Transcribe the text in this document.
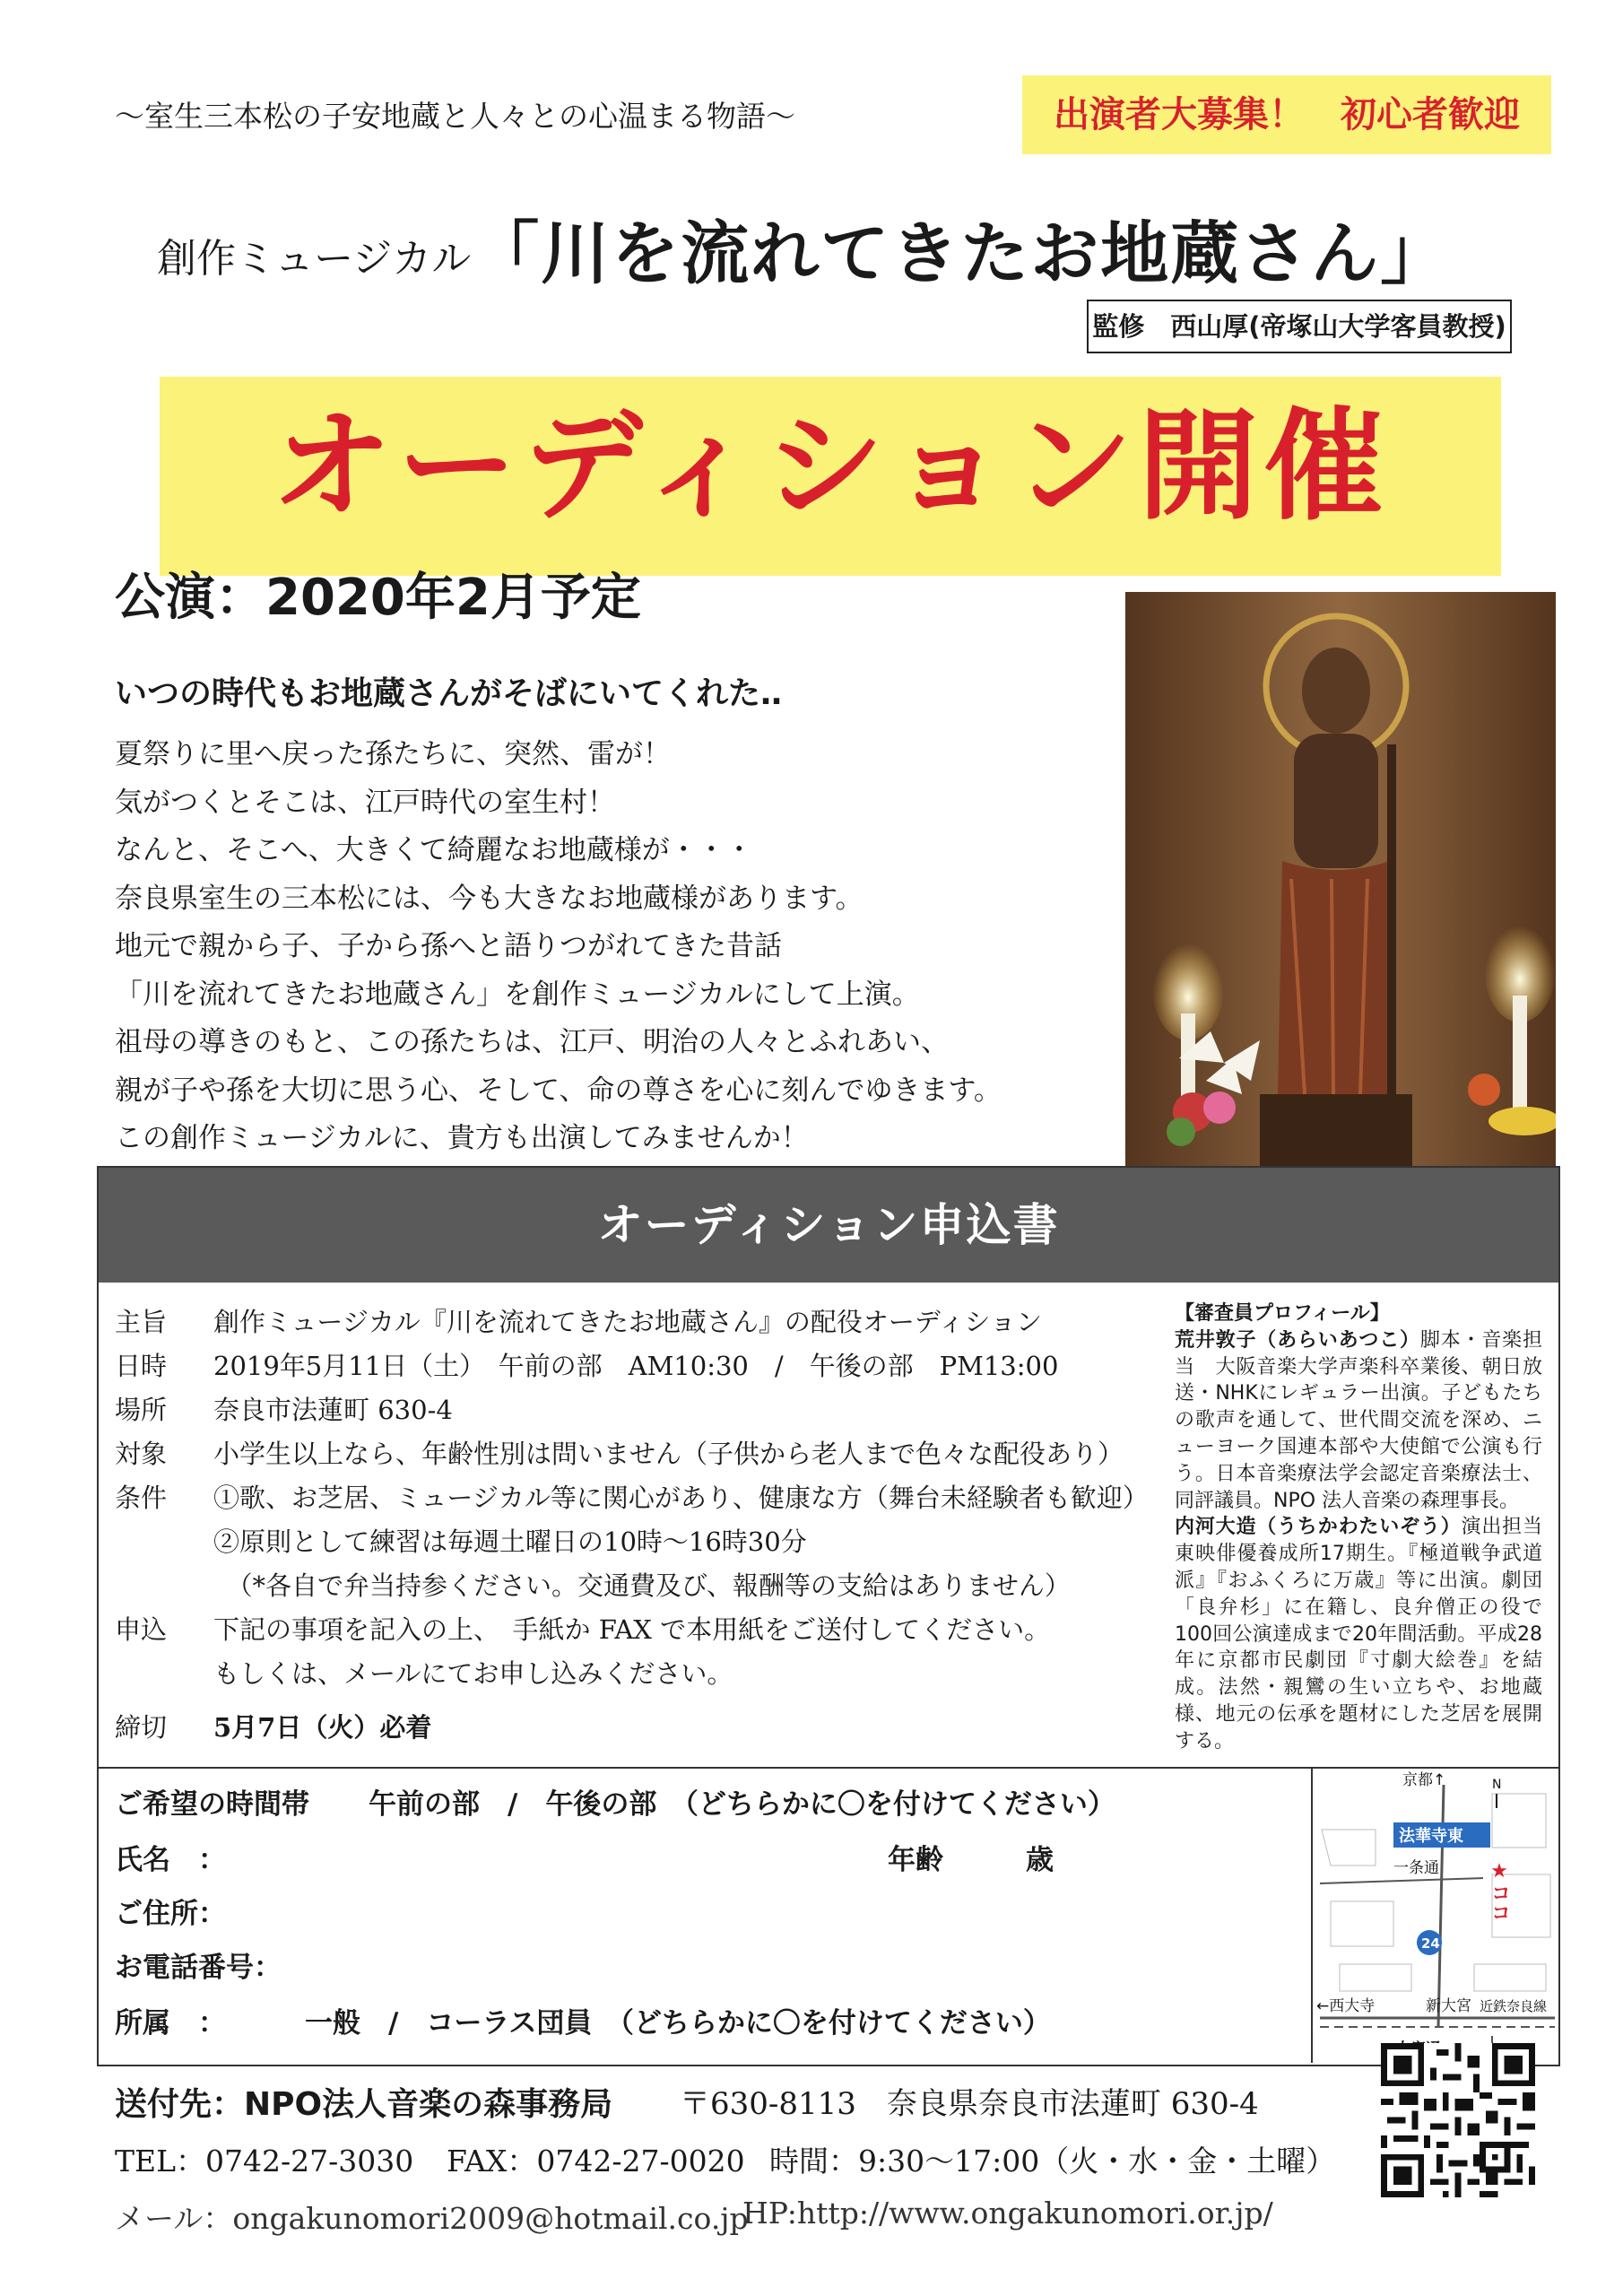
〜室生三本松の子安地蔵と人々との心温まる物語〜	出演者大募集！　初心者歓迎
創作ミュージカル「川を流れてきたお地蔵さん」
監修　西山厚(帝塚山大学客員教授)
オーディション開催
公演：2020年2月予定
いつの時代もお地蔵さんがそばにいてくれた‥
夏祭りに里へ戻った孫たちに、突然、雷が！
気がつくとそこは、江戸時代の室生村！
なんと、そこへ、大きくて綺麗なお地蔵様が・・・
奈良県室生の三本松には、今も大きなお地蔵様があります。
地元で親から子、子から孫へと語りつがれてきた昔話
「川を流れてきたお地蔵さん」を創作ミュージカルにして上演。
祖母の導きのもと、この孫たちは、江戸、明治の人々とふれあい、
親が子や孫を大切に思う心、そして、命の尊さを心に刻んでゆきます。
この創作ミュージカルに、貴方も出演してみませんか！
オーディション申込書
主旨 創作ミュージカル『川を流れてきたお地蔵さん』の配役オーディション
日時 2019年5月11日（土）　午前の部　AM10:30　/　午後の部　PM13:00
場所 奈良市法蓮町 630-4
対象 小学生以上なら、年齢性別は問いません（子供から老人まで色々な配役あり）
条件 ①歌、お芝居、ミュージカル等に関心があり、健康な方（舞台未経験者も歓迎）
②原則として練習は毎週土曜日の10時〜16時30分
　（*各自で弁当持参ください。交通費及び、報酬等の支給はありません）
申込 下記の事項を記入の上、　手紙か FAX で本用紙をご送付してください。
もしくは、メールにてお申し込みください。
締切 5月7日（火）必着
【審査員プロフィール】

荒井敦子（あらいあつこ）脚本・音楽担当　大阪音楽大学声楽科卒業後、朝日放送・NHKにレギュラー出演。子どもたちの歌声を通して、世代間交流を深め、ニューヨーク国連本部や大使館で公演も行う。日本音楽療法学会認定音楽療法士、同評議員。NPO 法人音楽の森理事長。

内河大造（うちかわたいぞう）演出担当　東映俳優養成所17期生。『極道戦争武道派』『おふくろに万歳』等に出演。劇団「良弁杉」に在籍し、良弁僧正の役で100回公演達成まで20年間活動。平成28年に京都市民劇団『寸劇大絵巻』を結成。法然・親鸞の生い立ちや、お地蔵様、地元の伝承を題材にした芝居を展開する。

ご希望の時間帯 午前の部　/　午後の部　（どちらかに〇を付けてください）
氏名　：	年齢	歳
ご住所：
お電話番号：
所属　：	一般　/　コーラス団員　（どちらかに〇を付けてください）
京都↑	N
法華寺東
一条通 ★ココ
24
←西大寺	新大宮 近鉄奈良線
送付先：NPO法人音楽の森事務局 〒630-8113　奈良県奈良市法蓮町 630-4
TEL：0742-27-3030 FAX：0742-27-0020 時間：9:30〜17:00（火・水・金・土曜）
メール：ongakunomori2009@hotmail.co.jp
HP:http://www.ongakunomori.or.jp/
